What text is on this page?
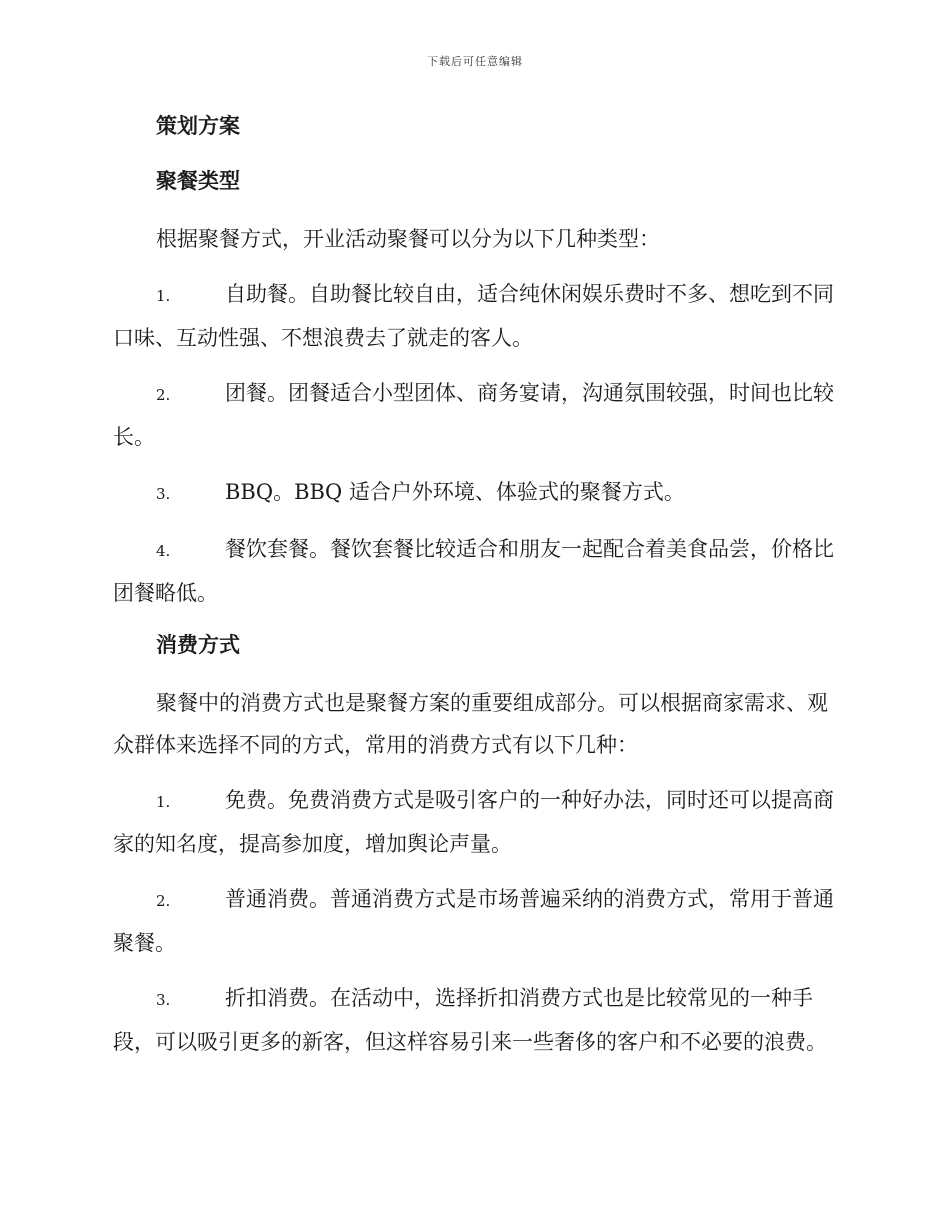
下载后可任意编辑
策划方案
聚餐类型

根据聚餐方式，开业活动聚餐可以分为以下几种类型：

1.	自助餐。自助餐比较自由，适合纯休闲娱乐费时不多、想吃到不同口味、互动性强、不想浪费去了就走的客人。

2.	团餐。团餐适合小型团体、商务宴请，沟通氛围较强，时间也比较长。

3.	BBQ。BBQ 适合户外环境、体验式的聚餐方式。

4.	餐饮套餐。餐饮套餐比较适合和朋友一起配合着美食品尝，价格比团餐略低。

消费方式

聚餐中的消费方式也是聚餐方案的重要组成部分。可以根据商家需求、观众群体来选择不同的方式，常用的消费方式有以下几种：

1.	免费。免费消费方式是吸引客户的一种好办法，同时还可以提高商家的知名度，提高参加度，增加舆论声量。

2.	普通消费。普通消费方式是市场普遍采纳的消费方式，常用于普通聚餐。

3.	折扣消费。在活动中，选择折扣消费方式也是比较常见的一种手段，可以吸引更多的新客，但这样容易引来一些奢侈的客户和不必要的浪费。
